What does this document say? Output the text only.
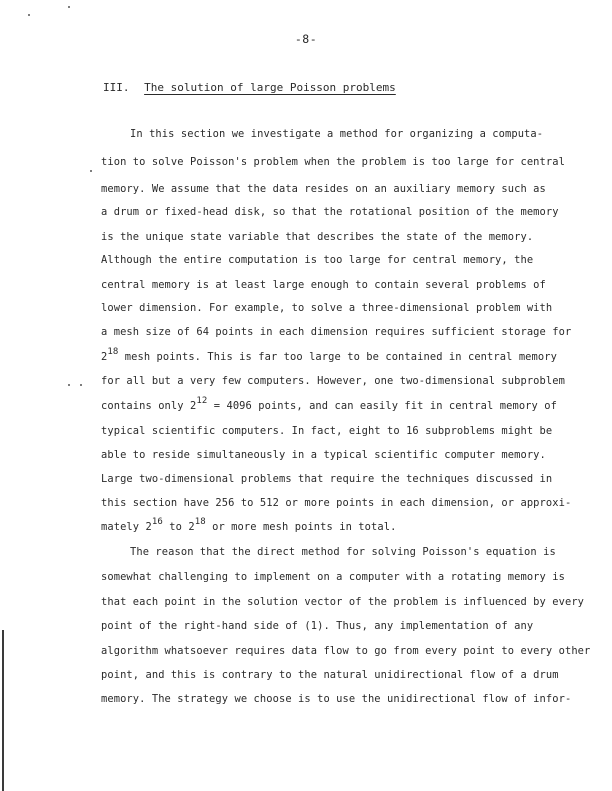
-8-
III. The solution of large Poisson problems
In this section we investigate a method for organizing a computa-
tion to solve Poisson's problem when the problem is too large for central
memory. We assume that the data resides on an auxiliary memory such as
a drum or fixed-head disk, so that the rotational position of the memory
is the unique state variable that describes the state of the memory.
Although the entire computation is too large for central memory, the
central memory is at least large enough to contain several problems of
lower dimension. For example, to solve a three-dimensional problem with
a mesh size of 64 points in each dimension requires sufficient storage for
$2^{18}$ mesh points. This is far too large to be contained in central memory
for all but a very few computers. However, one two-dimensional subproblem
contains only $2^{12} = 4096$ points, and can easily fit in central memory of
typical scientific computers. In fact, eight to 16 subproblems might be
able to reside simultaneously in a typical scientific computer memory.
Large two-dimensional problems that require the techniques discussed in
this section have 256 to 512 or more points in each dimension, or approxi-
mately $2^{16}$ to $2^{18}$ or more mesh points in total.
The reason that the direct method for solving Poisson's equation is
somewhat challenging to implement on a computer with a rotating memory is
that each point in the solution vector of the problem is influenced by every
point of the right-hand side of (1). Thus, any implementation of any
algorithm whatsoever requires data flow to go from every point to every other
point, and this is contrary to the natural unidirectional flow of a drum
memory. The strategy we choose is to use the unidirectional flow of infor-
